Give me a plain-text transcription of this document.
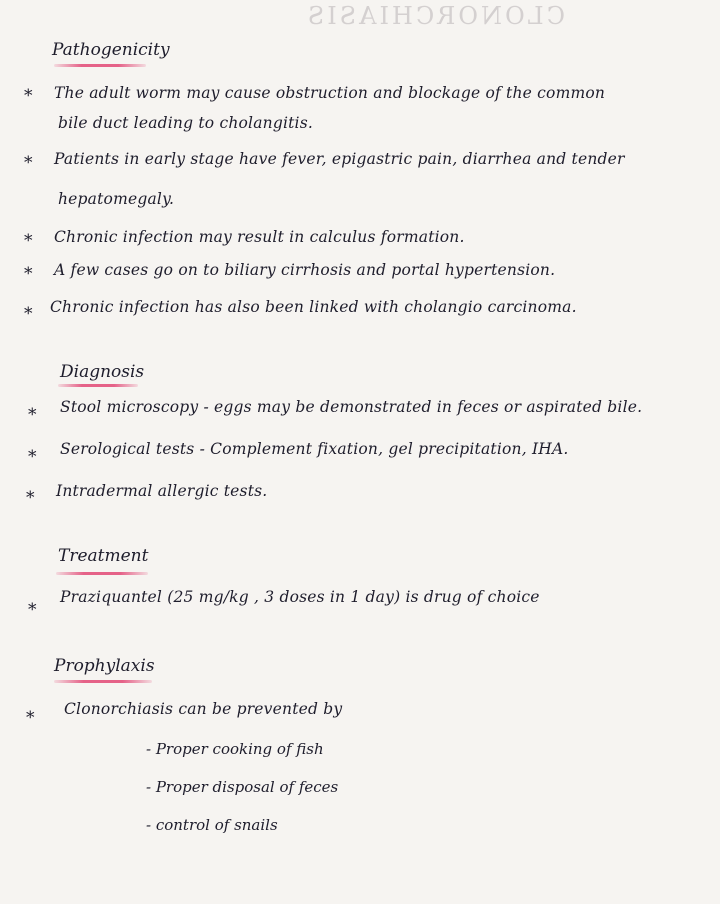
CLONORCHIASIS
Pathogenicity
* The adult worm may cause obstruction and blockage of the common
bile duct leading to cholangitis.
* Patients in early stage have fever, epigastric pain, diarrhea and tender
hepatomegaly.
* Chronic infection may result in calculus formation.
* A few cases go on to biliary cirrhosis and portal hypertension.
* Chronic infection has also been linked with cholangio carcinoma.
Diagnosis
* Stool microscopy - eggs may be demonstrated in feces or aspirated bile.
* Serological tests - Complement fixation, gel precipitation, IHA.
* Intradermal allergic tests.
Treatment
*
Praziquantel (25 mg/kg , 3 doses in 1 day) is drug of choice
Prophylaxis
* Clonorchiasis can be prevented by
- Proper cooking of fish
- Proper disposal of feces
- control of snails
